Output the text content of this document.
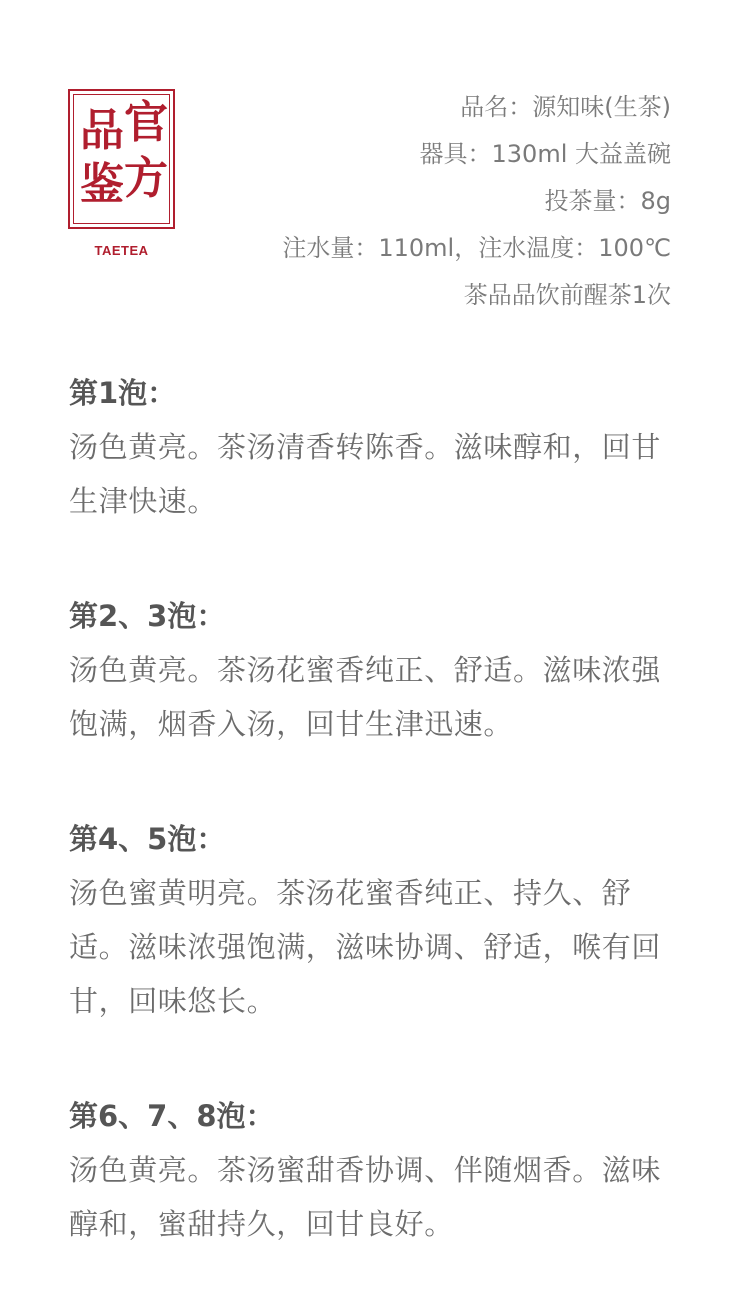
品 官
鉴 方
TAETEA
品名：源知味(生茶)
器具：130ml 大益盖碗
投茶量：8g
注水量：110ml，注水温度：100℃
茶品品饮前醒茶1次
第1泡：
汤色黄亮。茶汤清香转陈香。滋味醇和，回甘生津快速。
第2、3泡：
汤色黄亮。茶汤花蜜香纯正、舒适。滋味浓强饱满，烟香入汤，回甘生津迅速。
第4、5泡：
汤色蜜黄明亮。茶汤花蜜香纯正、持久、舒适。滋味浓强饱满，滋味协调、舒适，喉有回甘，回味悠长。
第6、7、8泡：
汤色黄亮。茶汤蜜甜香协调、伴随烟香。滋味醇和，蜜甜持久，回甘良好。
